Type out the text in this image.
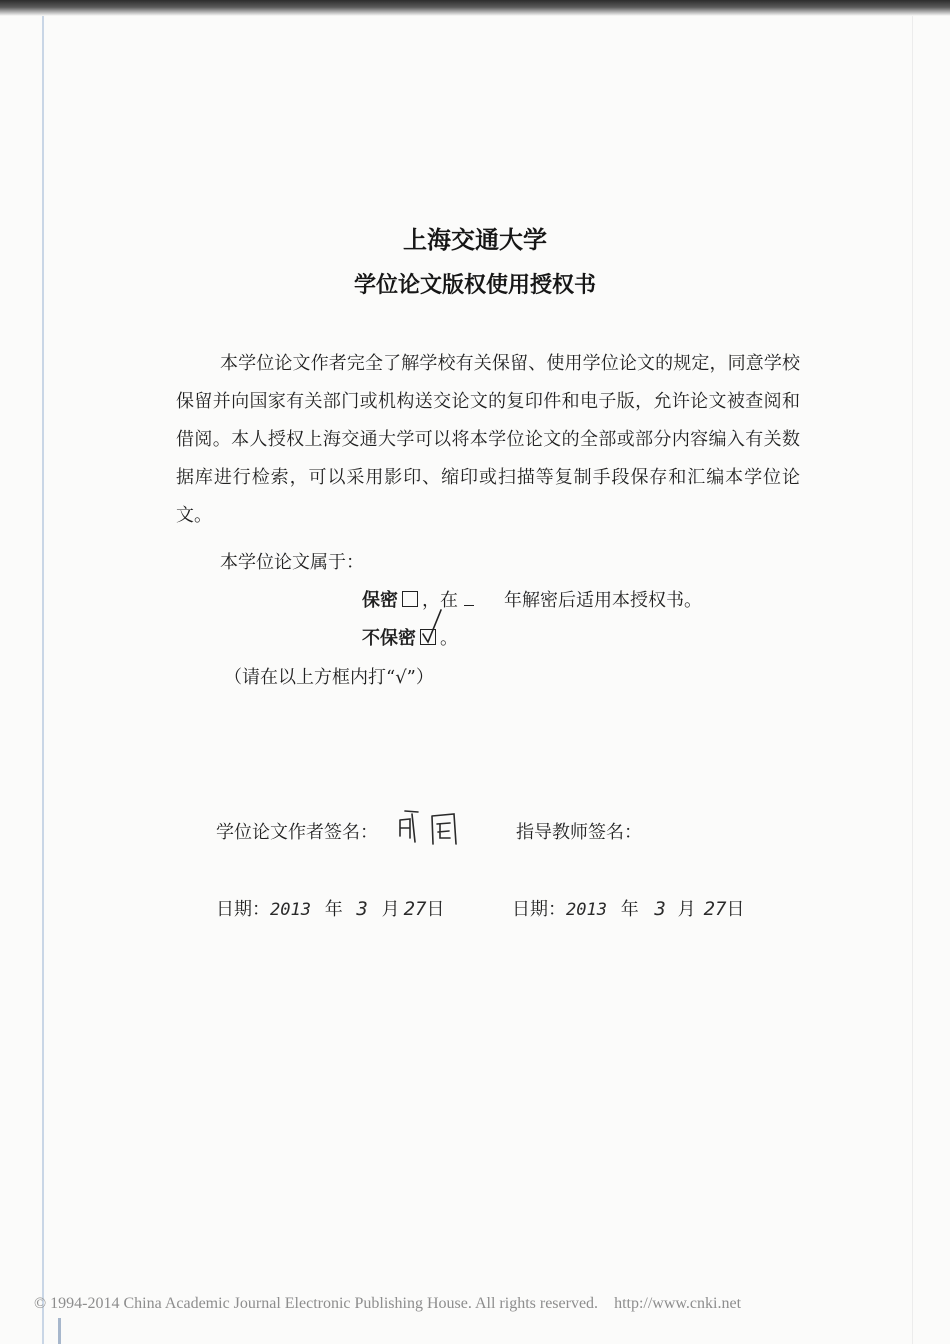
上海交通大学
学位论文版权使用授权书
本学位论文作者完全了解学校有关保留、使用学位论文的规定，同意学校保留并向国家有关部门或机构送交论文的复印件和电子版，允许论文被查阅和借阅。本人授权上海交通大学可以将本学位论文的全部或部分内容编入有关数据库进行检索，可以采用影印、缩印或扫描等复制手段保存和汇编本学位论文。
本学位论文属于：
保密 ，在	年解密后适用本授权书。
不保密 。
（请在以上方框内打“√”）
学位论文作者签名：	指导教师签名：
日期：2013 年 3 月 27日	日期：2013 年 3 月 27日
© 1994-2014 China Academic Journal Electronic Publishing House. All rights reserved. http://www.cnki.net
